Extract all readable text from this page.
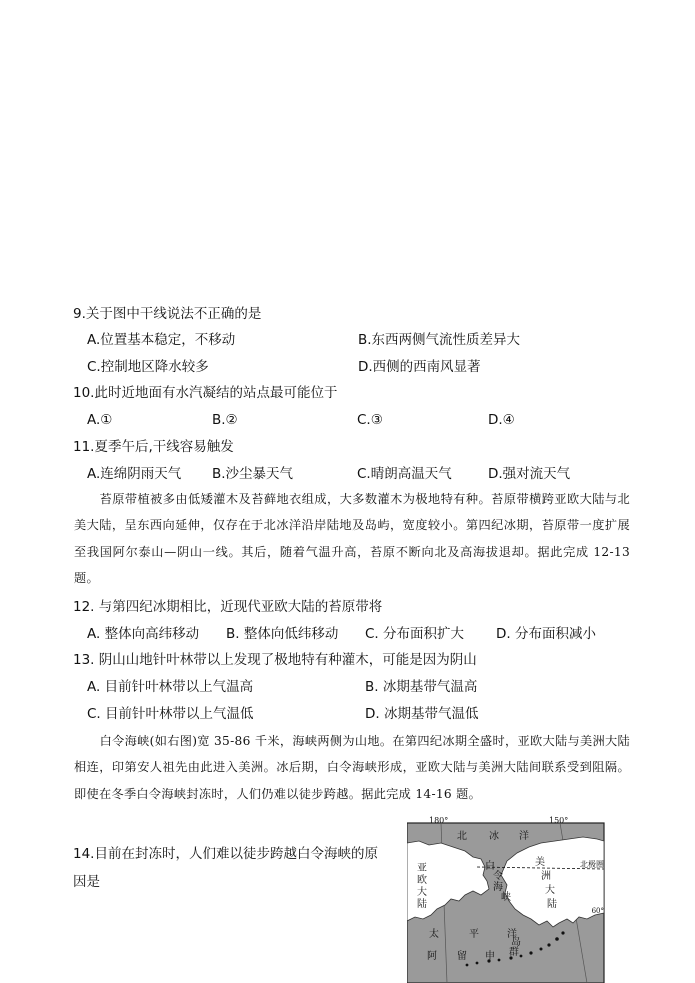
9.关于图中干线说法不正确的是
A.位置基本稳定，不移动	B.东西两侧气流性质差异大
C.控制地区降水较多	D.西侧的西南风显著
10.此时近地面有水汽凝结的站点最可能位于
A.①	B.②	C.③	D.④
11.夏季午后,干线容易触发
A.连绵阴雨天气 B.沙尘暴天气	C.晴朗高温天气	D.强对流天气

苔原带植被多由低矮灌木及苔藓地衣组成，大多数灌木为极地特有种。苔原带横跨亚欧大陆与北美大陆，呈东西向延伸，仅存在于北冰洋沿岸陆地及岛屿，宽度较小。第四纪冰期，苔原带一度扩展至我国阿尔泰山—阴山一线。其后，随着气温升高，苔原不断向北及高海拔退却。据此完成 12-13 题。

12. 与第四纪冰期相比，近现代亚欧大陆的苔原带将
A. 整体向高纬移动 B. 整体向低纬移动 C. 分布面积扩大 D. 分布面积减小
13. 阴山山地针叶林带以上发现了极地特有种灌木，可能是因为阴山
A. 目前针叶林带以上气温高	B. 冰期基带气温高
C. 目前针叶林带以上气温低	D. 冰期基带气温低

白令海峡(如右图)宽 35-86 千米，海峡两侧为山地。在第四纪冰期全盛时，亚欧大陆与美洲大陆相连，印第安人祖先由此进入美洲。冰后期，白令海峡形成，亚欧大陆与美洲大陆间联系受到阻隔。即使在冬季白令海峡封冻时，人们仍难以徒步跨越。据此完成 14-16 题。

14.目前在封冻时，人们难以徒步跨越白令海峡的原
因是
180°	150°
60°
北极圈
北 冰 洋
亚
欧
大
陆
白
令
海
峡
美
洲
大
陆
太	平	洋
阿 留 申 群
岛
